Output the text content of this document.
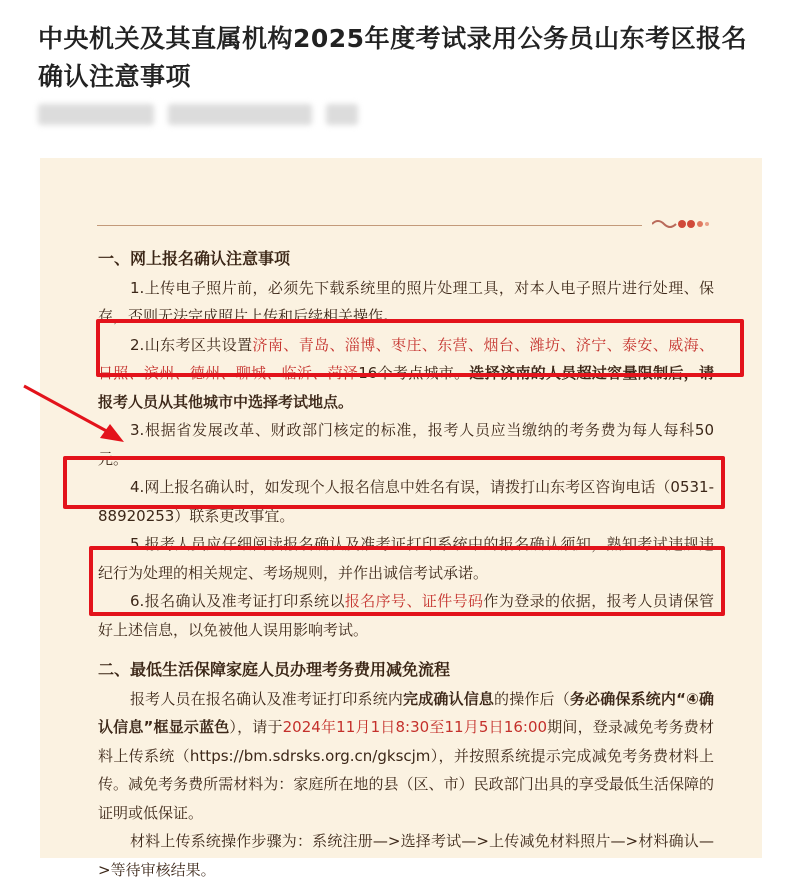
中央机关及其直属机构2025年度考试录用公务员山东考区报名确认注意事项

一、网上报名确认注意事项

1.上传电子照片前，必须先下载系统里的照片处理工具，对本人电子照片进行处理、保存，否则无法完成照片上传和后续相关操作。

2.山东考区共设置济南、青岛、淄博、枣庄、东营、烟台、潍坊、济宁、泰安、威海、日照、滨州、德州、聊城、临沂、菏泽16个考点城市。选择济南的人员超过容量限制后，请报考人员从其他城市中选择考试地点。

3.根据省发展改革、财政部门核定的标准，报考人员应当缴纳的考务费为每人每科50元。

4.网上报名确认时，如发现个人报名信息中姓名有误，请拨打山东考区咨询电话（0531-88920253）联系更改事宜。

5.报考人员应仔细阅读报名确认及准考证打印系统中的报名确认须知，熟知考试违规违纪行为处理的相关规定、考场规则，并作出诚信考试承诺。

6.报名确认及准考证打印系统以报名序号、证件号码作为登录的依据，报考人员请保管好上述信息，以免被他人误用影响考试。

二、最低生活保障家庭人员办理考务费用减免流程

报考人员在报名确认及准考证打印系统内完成确认信息的操作后（务必确保系统内“④确认信息”框显示蓝色），请于2024年11月1日8:30至11月5日16:00期间，登录减免考务费材料上传系统（https://bm.sdrsks.org.cn/gkscjm），并按照系统提示完成减免考务费材料上传。减免考务费所需材料为：家庭所在地的县（区、市）民政部门出具的享受最低生活保障的证明或低保证。

材料上传系统操作步骤为：系统注册—>选择考试—>上传减免材料照片—>材料确认—>等待审核结果。
